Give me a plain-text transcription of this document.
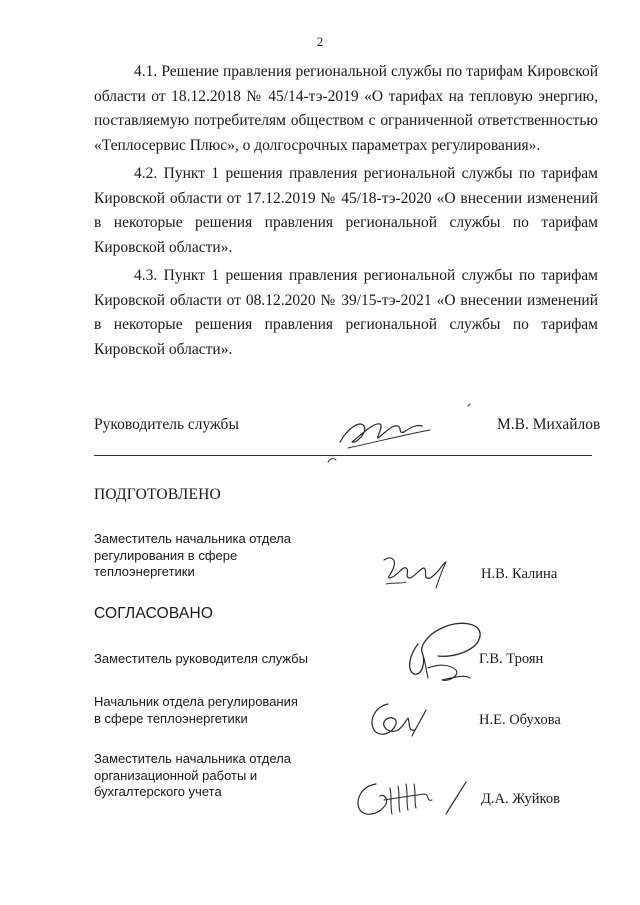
2
4.1. Решение правления региональной службы по тарифам Кировской области от 18.12.2018 № 45/14-тэ-2019 «О тарифах на тепловую энергию, поставляемую потребителям обществом с ограниченной ответственностью «Теплосервис Плюс», о долгосрочных параметрах регулирования».
4.2. Пункт 1 решения правления региональной службы по тарифам Кировской области от 17.12.2019 № 45/18-тэ-2020 «О внесении изменений в некоторые решения правления региональной службы по тарифам Кировской области».
4.3. Пункт 1 решения правления региональной службы по тарифам Кировской области от 08.12.2020 № 39/15-тэ-2021 «О внесении изменений в некоторые решения правления региональной службы по тарифам Кировской области».
Руководитель службы	М.В. Михайлов
ПОДГОТОВЛЕНО
Заместитель начальника отдела
регулирования в сфере
теплоэнергетики	Н.В. Калина
СОГЛАСОВАНО
Заместитель руководителя службы	Г.В. Троян
Начальник отдела регулирования
в сфере теплоэнергетики	Н.Е. Обухова
Заместитель начальника отдела
организационной работы и
бухгалтерского учета	Д.А. Жуйков
